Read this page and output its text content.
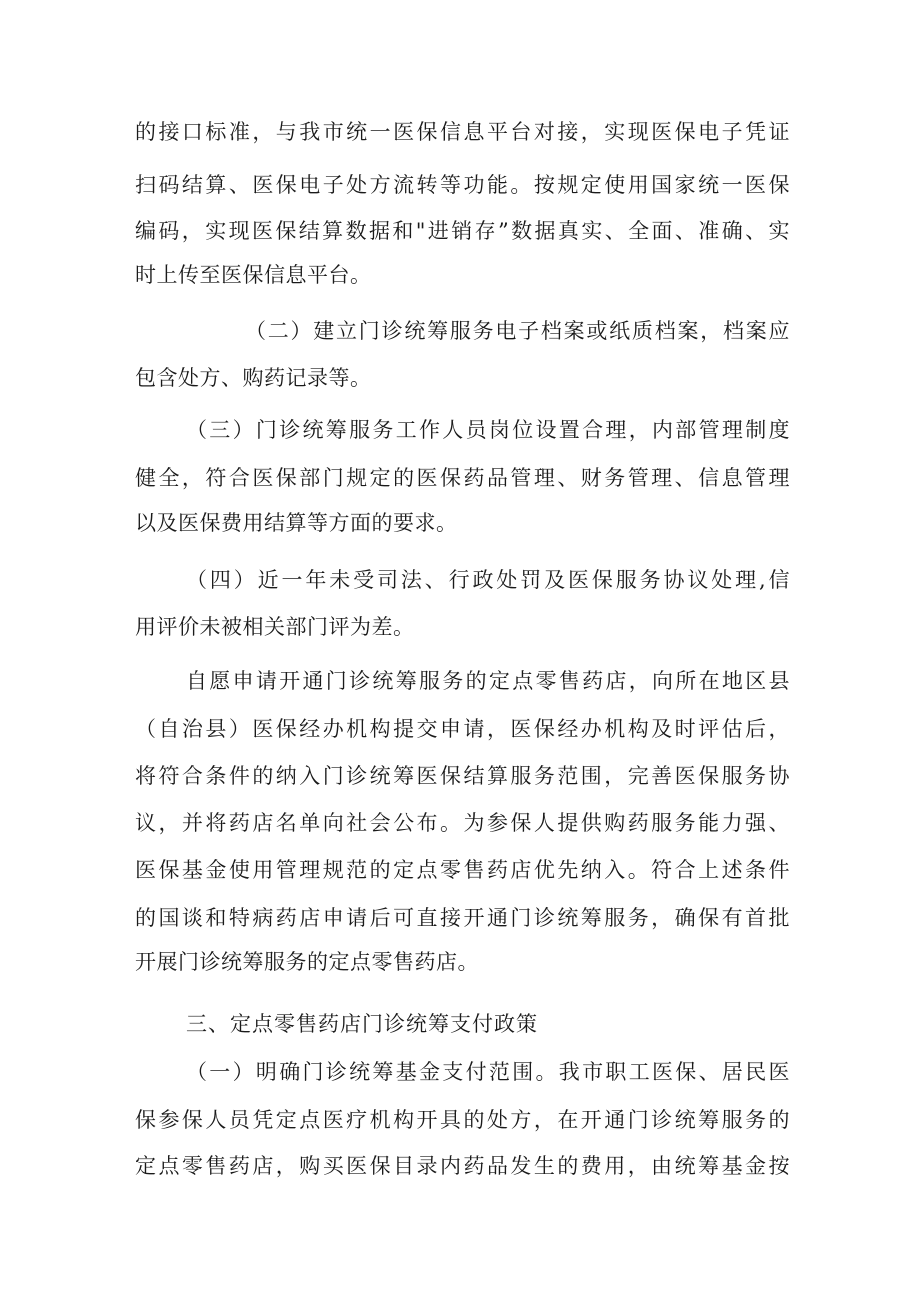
的接口标准，与我市统一医保信息平台对接，实现医保电子凭证
扫码结算、医保电子处方流转等功能。按规定使用国家统一医保
编码，实现医保结算数据和"进销存”数据真实、全面、准确、实
时上传至医保信息平台。
（二）建立门诊统筹服务电子档案或纸质档案，档案应
包含处方、购药记录等。
（三）门诊统筹服务工作人员岗位设置合理，内部管理制度
健全，符合医保部门规定的医保药品管理、财务管理、信息管理
以及医保费用结算等方面的要求。
（四）近一年未受司法、行政处罚及医保服务协议处理,信
用评价未被相关部门评为差。
自愿申请开通门诊统筹服务的定点零售药店，向所在地区县
（自治县）医保经办机构提交申请，医保经办机构及时评估后，
将符合条件的纳入门诊统筹医保结算服务范围，完善医保服务协
议，并将药店名单向社会公布。为参保人提供购药服务能力强、
医保基金使用管理规范的定点零售药店优先纳入。符合上述条件
的国谈和特病药店申请后可直接开通门诊统筹服务，确保有首批
开展门诊统筹服务的定点零售药店。
三、定点零售药店门诊统筹支付政策
（一）明确门诊统筹基金支付范围。我市职工医保、居民医
保参保人员凭定点医疗机构开具的处方，在开通门诊统筹服务的
定点零售药店，购买医保目录内药品发生的费用，由统筹基金按
